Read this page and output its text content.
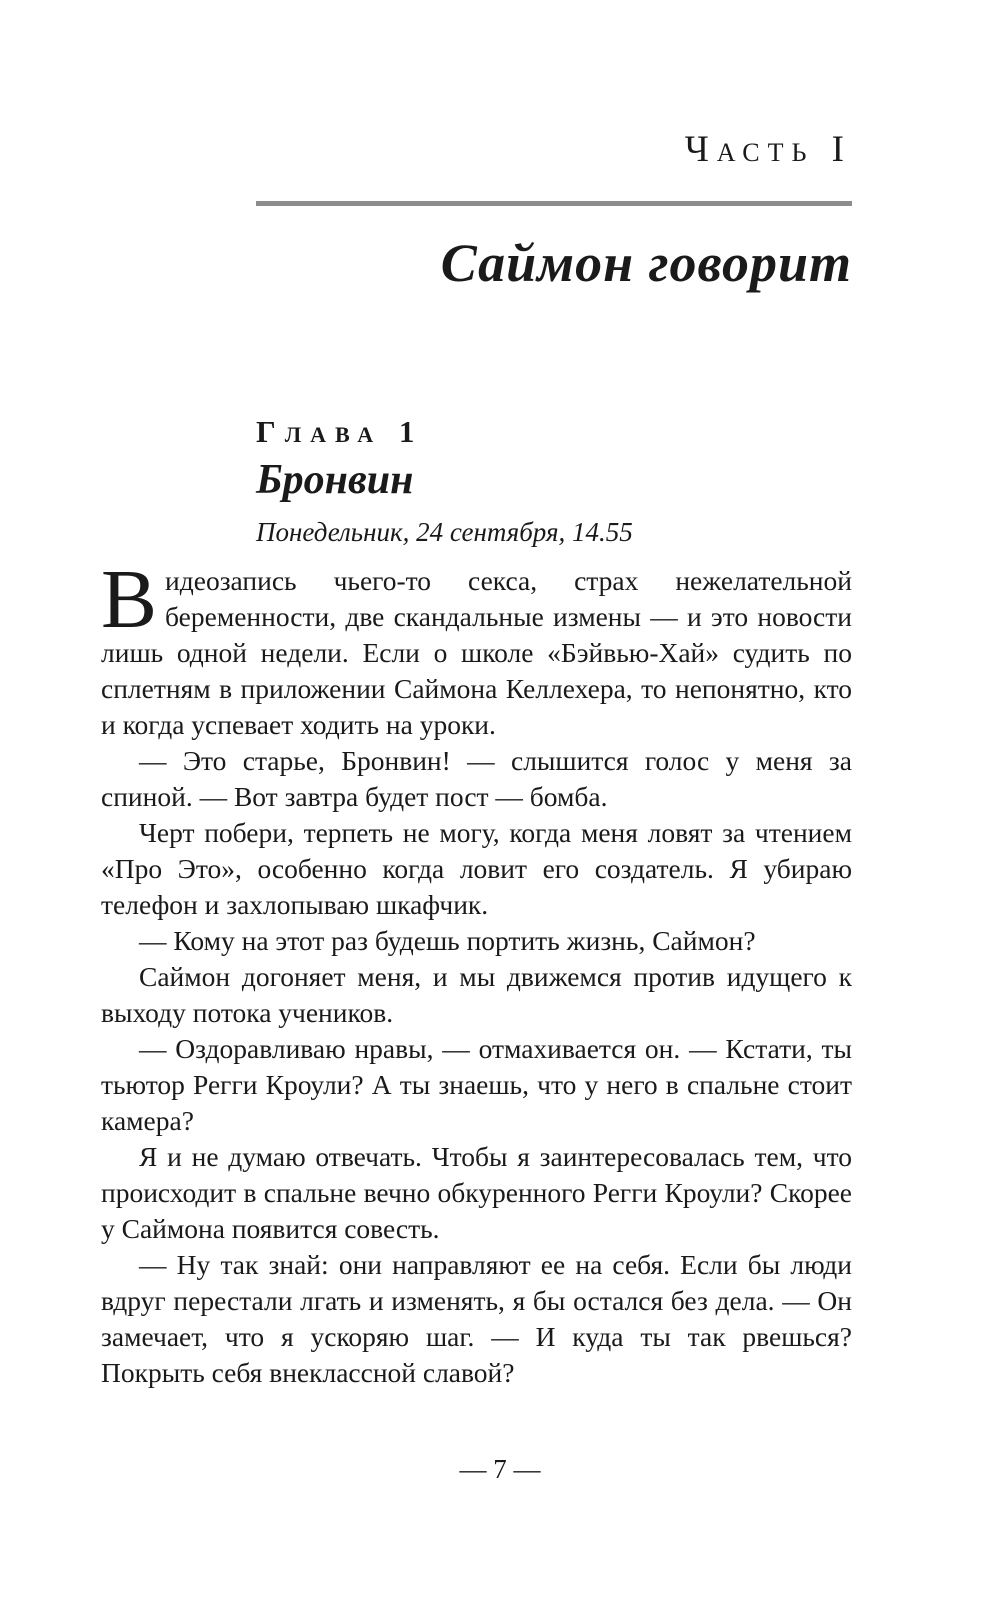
Часть I
Саймон говорит
Глава 1
Бронвин
Понедельник, 24 сентября, 14.55

Видеозапись чьего-то секса, страх нежелательной беременности, две скандальные измены — и это новости лишь одной недели. Если о школе «Бэйвью-Хай» судить по сплетням в приложении Саймона Келлехера, то непонятно, кто и когда успевает ходить на уроки.

— Это старье, Бронвин! — слышится голос у меня за спиной. — Вот завтра будет пост — бомба.

Черт побери, терпеть не могу, когда меня ловят за чтением «Про Это», особенно когда ловит его создатель. Я убираю телефон и захлопываю шкафчик.

— Кому на этот раз будешь портить жизнь, Саймон?

Саймон догоняет меня, и мы движемся против идущего к выходу потока учеников.

— Оздоравливаю нравы, — отмахивается он. — Кстати, ты тьютор Регги Кроули? А ты знаешь, что у него в спальне стоит камера?

Я и не думаю отвечать. Чтобы я заинтересовалась тем, что происходит в спальне вечно обкуренного Регги Кроули? Скорее у Саймона появится совесть.

— Ну так знай: они направляют ее на себя. Если бы люди вдруг перестали лгать и изменять, я бы остался без дела. — Он замечает, что я ускоряю шаг. — И куда ты так рвешься? Покрыть себя внеклассной славой?

— 7 —
